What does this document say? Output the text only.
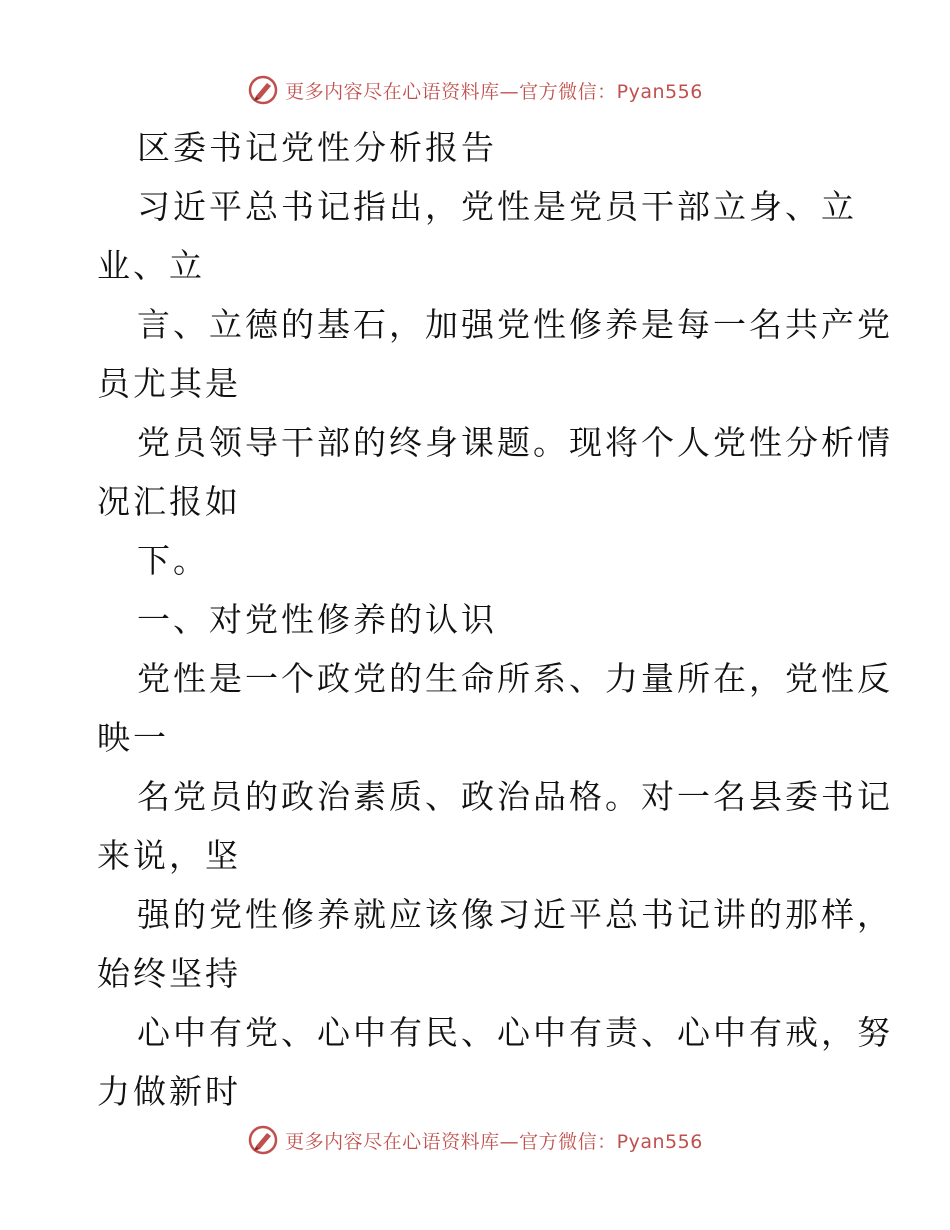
更多内容尽在心语资料库—官方微信：Pyan556
区委书记党性分析报告
习近平总书记指出，党性是党员干部立身、立
业、立
言、立德的基石，加强党性修养是每一名共产党
员尤其是
党员领导干部的终身课题。现将个人党性分析情
况汇报如
下。
一、对党性修养的认识
党性是一个政党的生命所系、力量所在，党性反
映一
名党员的政治素质、政治品格。对一名县委书记
来说，坚
强的党性修养就应该像习近平总书记讲的那样，
始终坚持
心中有党、心中有民、心中有责、心中有戒，努
力做新时
更多内容尽在心语资料库—官方微信：Pyan556
